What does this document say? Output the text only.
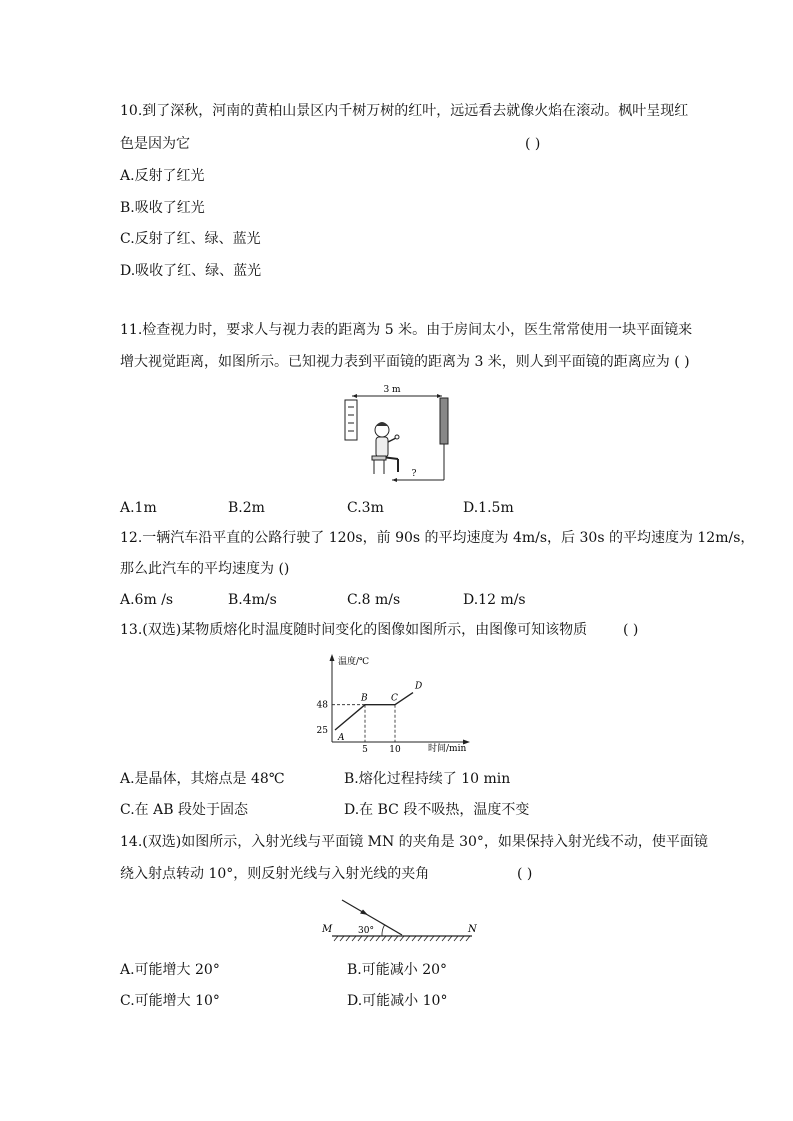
10.到了深秋，河南的黄柏山景区内千树万树的红叶，远远看去就像火焰在滚动。枫叶呈现红
色是因为它	( )
A.反射了红光
B.吸收了红光
C.反射了红、绿、蓝光
D.吸收了红、绿、蓝光
11.检查视力时，要求人与视力表的距离为 5 米。由于房间太小，医生常常使用一块平面镜来
增大视觉距离，如图所示。已知视力表到平面镜的距离为 3 米，则人到平面镜的距离应为 ( )
3 m
?
A.1m	B.2m	C.3m	D.1.5m
12.一辆汽车沿平直的公路行驶了 120s，前 90s 的平均速度为 4m/s，后 30s 的平均速度为 12m/s，
那么此汽车的平均速度为 ()
A.6m /s	B.4m/s	C.8 m/s	D.12 m/s
13.(双选)某物质熔化时温度随时间变化的图像如图所示，由图像可知该物质	( )
温度/℃
时间/min
5 10
25
48
A
B	C
D
A.是晶体，其熔点是 48℃	B.熔化过程持续了 10 min
C.在 AB 段处于固态	D.在 BC 段不吸热，温度不变
14.(双选)如图所示，入射光线与平面镜 MN 的夹角是 30°，如果保持入射光线不动，使平面镜
绕入射点转动 10°，则反射光线与入射光线的夹角	( )
M	N
30°
A.可能增大 20°	B.可能减小 20°
C.可能增大 10°	D.可能减小 10°
